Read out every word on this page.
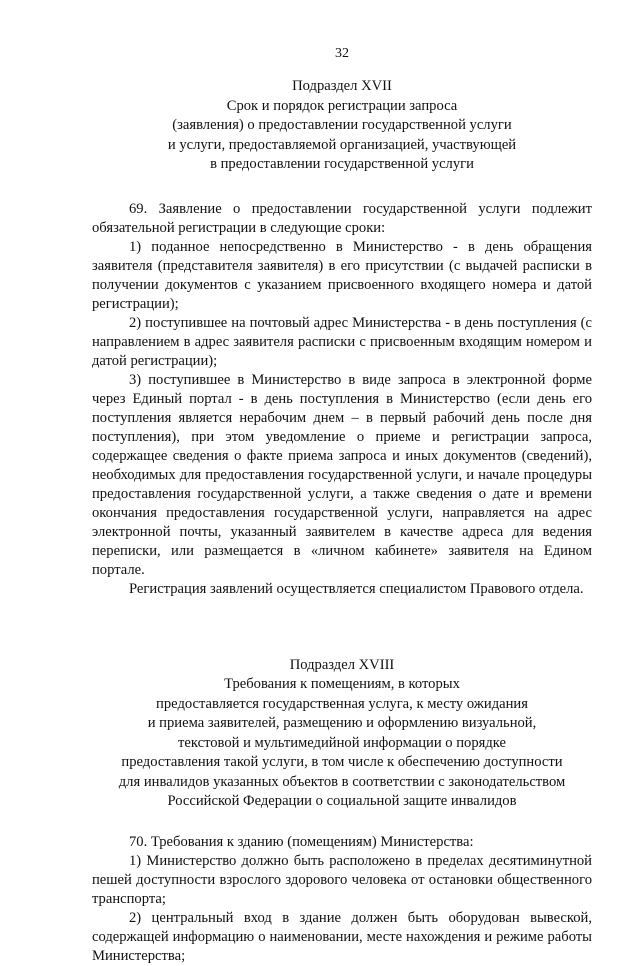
32
Подраздел XVII
Срок и порядок регистрации запроса
(заявления) о предоставлении государственной услуги
и услуги, предоставляемой организацией, участвующей
в предоставлении государственной услуги

69. Заявление о предоставлении государственной услуги подлежит обязательной регистрации в следующие сроки:

1) поданное непосредственно в Министерство - в день обращения заявителя (представителя заявителя) в его присутствии (с выдачей расписки в получении документов с указанием присвоенного входящего номера и датой регистрации);

2) поступившее на почтовый адрес Министерства - в день поступления (с направлением в адрес заявителя расписки с присвоенным входящим номером и датой регистрации);

3) поступившее в Министерство в виде запроса в электронной форме через Единый портал - в день поступления в Министерство (если день его поступления является нерабочим днем – в первый рабочий день после дня поступления), при этом уведомление о приеме и регистрации запроса, содержащее сведения о факте приема запроса и иных документов (сведений), необходимых для предоставления государственной услуги, и начале процедуры предоставления государственной услуги, а также сведения о дате и времени окончания предоставления государственной услуги, направляется на адрес электронной почты, указанный заявителем в качестве адреса для ведения переписки, или размещается в «личном кабинете» заявителя на Едином портале.

Регистрация заявлений осуществляется специалистом Правового отдела.

Подраздел XVIII
Требования к помещениям, в которых
предоставляется государственная услуга, к месту ожидания
и приема заявителей, размещению и оформлению визуальной,
текстовой и мультимедийной информации о порядке
предоставления такой услуги, в том числе к обеспечению доступности
для инвалидов указанных объектов в соответствии с законодательством
Российской Федерации о социальной защите инвалидов

70. Требования к зданию (помещениям) Министерства:

1) Министерство должно быть расположено в пределах десятиминутной пешей доступности взрослого здорового человека от остановки общественного транспорта;

2) центральный вход в здание должен быть оборудован вывеской, содержащей информацию о наименовании, месте нахождения и режиме работы Министерства;
